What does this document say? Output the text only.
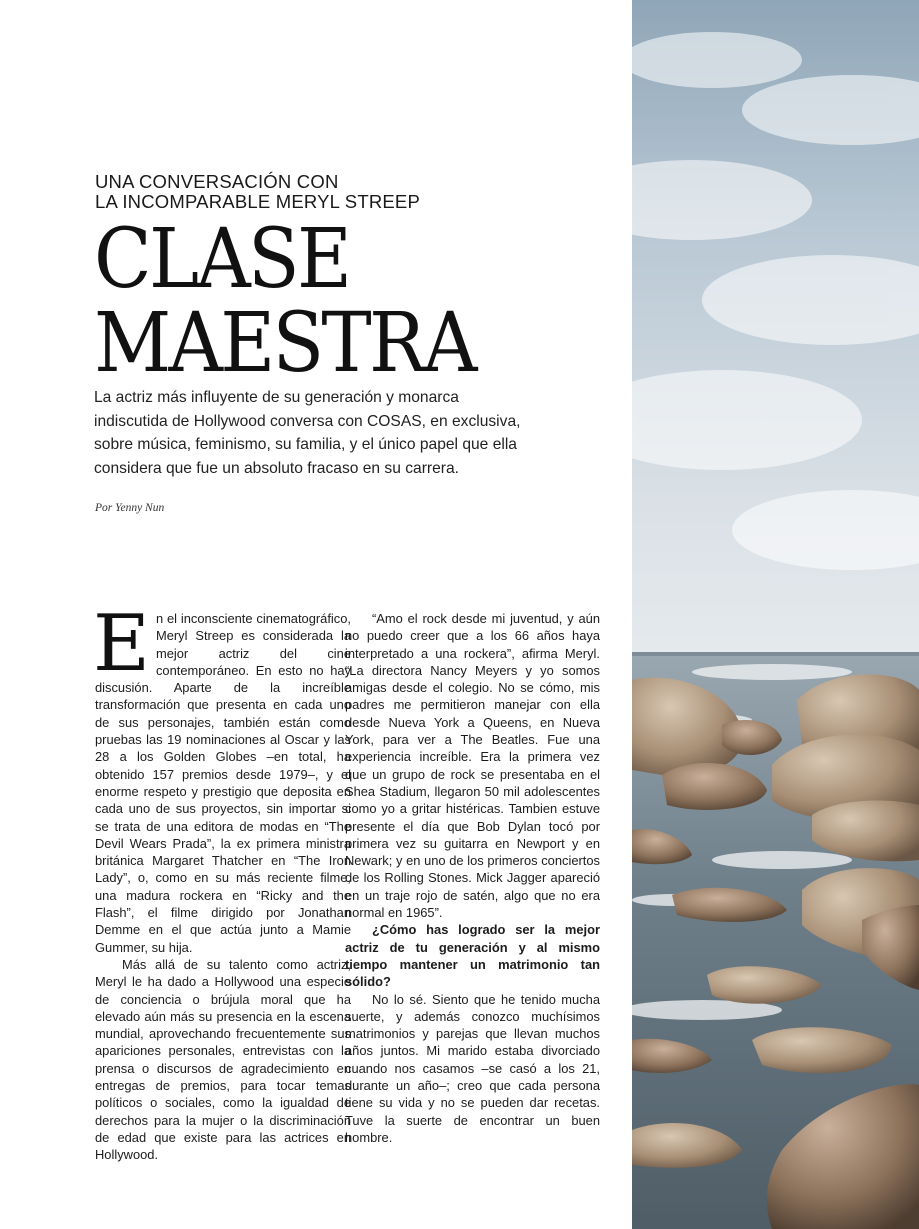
UNA CONVERSACIÓN CON
LA INCOMPARABLE MERYL STREEP
CLASE
MAESTRA
La actriz más influyente de su generación y monarca indiscutida de Hollywood conversa con COSAS, en exclusiva, sobre música, feminismo, su familia, y el único papel que ella considera que fue un absoluto fracaso en su carrera.
Por Yenny Nun

En el inconsciente cinematográfico, Meryl Streep es considerada la mejor actriz del cine contemporáneo. En esto no hay discusión. Aparte de la increíble transformación que presenta en cada uno de sus personajes, también están como pruebas las 19 nominaciones al Oscar y las 28 a los Golden Globes –en total, ha obtenido 157 premios desde 1979–, y el enorme respeto y prestigio que deposita en cada uno de sus proyectos, sin importar si se trata de una editora de modas en “The Devil Wears Prada”, la ex primera ministra británica Margaret Thatcher en “The Iron Lady”, o, como en su más reciente filme, una madura rockera en “Ricky and the Flash”, el filme dirigido por Jonathan Demme en el que actúa junto a Mamie Gummer, su hija.

Más allá de su talento como actriz, Meryl le ha dado a Hollywood una especie de conciencia o brújula moral que ha elevado aún más su presencia en la escena mundial, aprovechando frecuentemente sus apariciones personales, entrevistas con la prensa o discursos de agradecimiento en entregas de premios, para tocar temas políticos o sociales, como la igualdad de derechos para la mujer o la discriminación de edad que existe para las actrices en Hollywood.

“Amo el rock desde mi juventud, y aún no puedo creer que a los 66 años haya interpretado a una rockera”, afirma Meryl. “La directora Nancy Meyers y yo somos amigas desde el colegio. No se cómo, mis padres me permitieron manejar con ella desde Nueva York a Queens, en Nueva York, para ver a The Beatles. Fue una experiencia increíble. Era la primera vez que un grupo de rock se presentaba en el Shea Stadium, llegaron 50 mil adolescentes como yo a gritar histéricas. Tambien estuve presente el día que Bob Dylan tocó por primera vez su guitarra en Newport y en Newark; y en uno de los primeros conciertos de los Rolling Stones. Mick Jagger apareció en un traje rojo de satén, algo que no era normal en 1965”.

¿Cómo has logrado ser la mejor actriz de tu generación y al mismo tiempo mantener un matrimonio tan sólido?

No lo sé. Siento que he tenido mucha suerte, y además conozco muchísimos matrimonios y parejas que llevan muchos años juntos. Mi marido estaba divorciado cuando nos casamos –se casó a los 21, durante un año–; creo que cada persona tiene su vida y no se pueden dar recetas. Tuve la suerte de encontrar un buen hombre.
